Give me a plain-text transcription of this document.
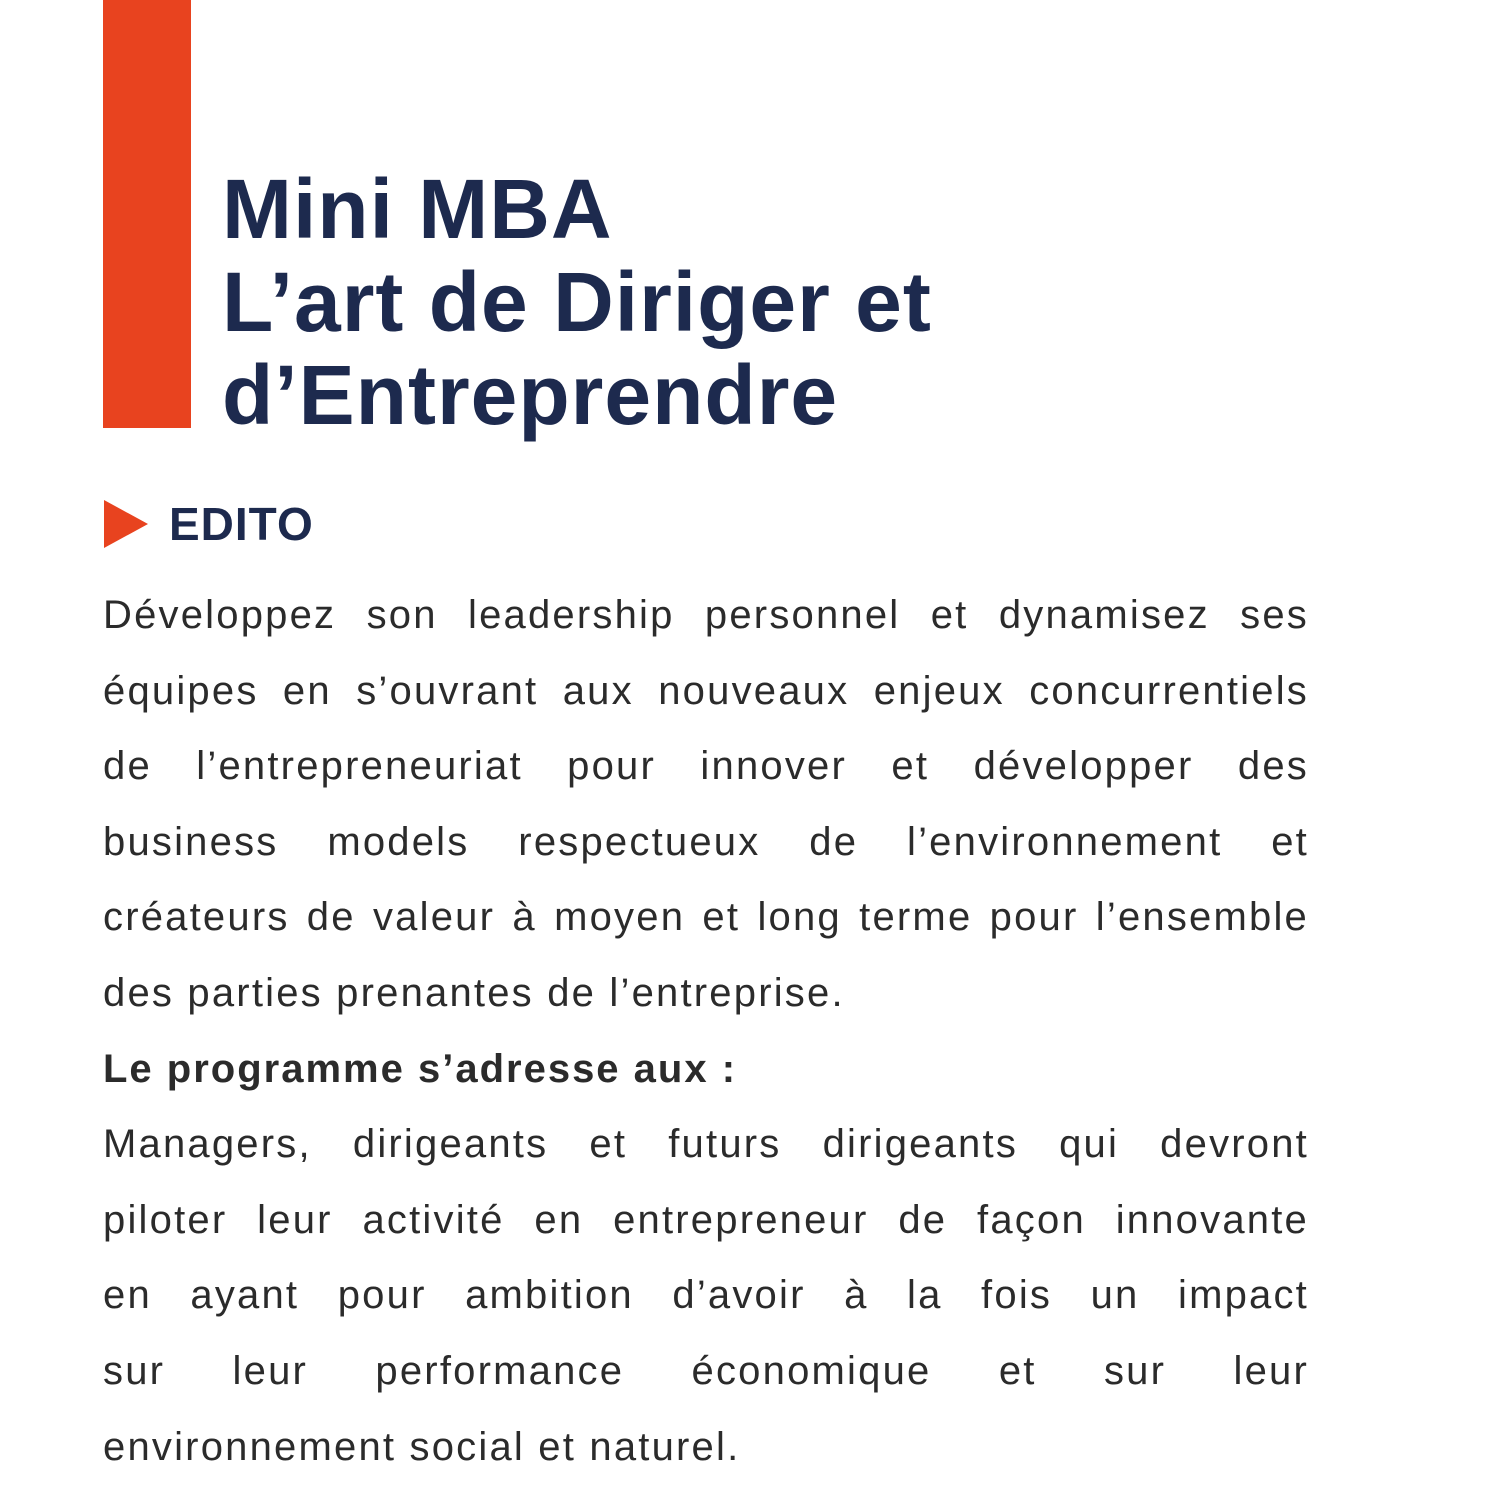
Mini MBA
L’art de Diriger et
d’Entreprendre
EDITO
Développez son leadership personnel et dynamisez ses
équipes en s’ouvrant aux nouveaux enjeux concurrentiels
de l’entrepreneuriat pour innover et développer des
business models respectueux de l’environnement et
créateurs de valeur à moyen et long terme pour l’ensemble
des parties prenantes de l’entreprise.
Le programme s’adresse aux :
Managers, dirigeants et futurs dirigeants qui devront
piloter leur activité en entrepreneur de façon innovante
en ayant pour ambition d’avoir à la fois un impact
sur leur performance économique et sur leur
environnement social et naturel.
